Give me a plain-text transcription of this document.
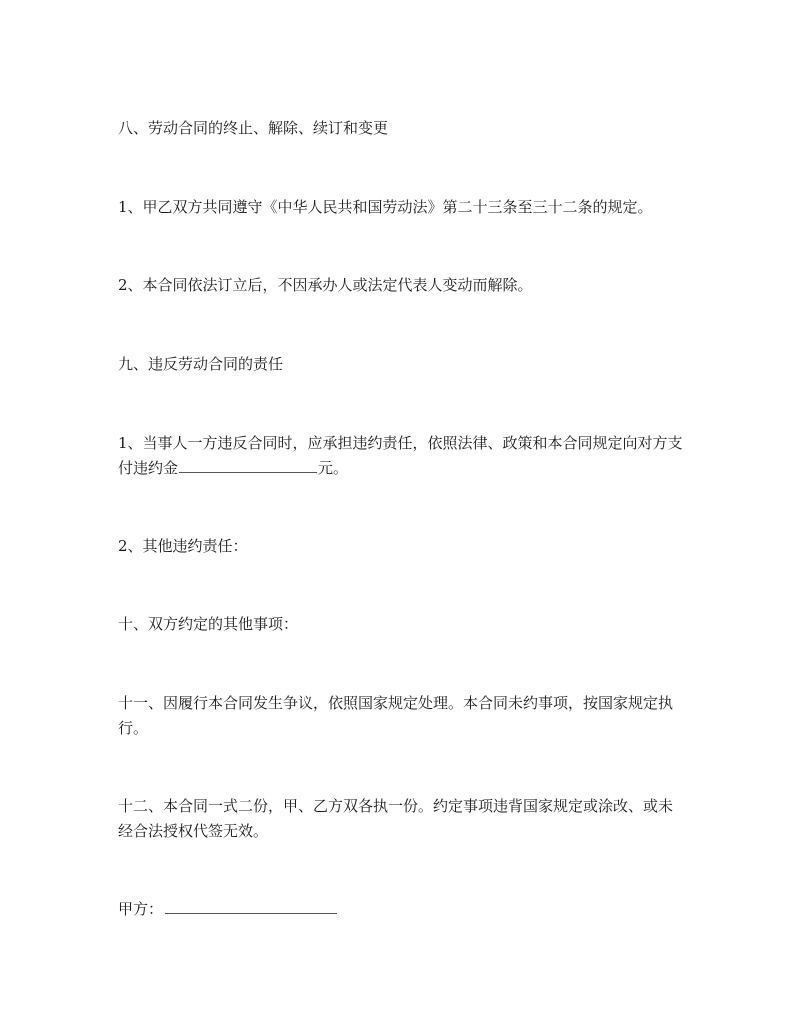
八、劳动合同的终止、解除、续订和变更

1、甲乙双方共同遵守《中华人民共和国劳动法》第二十三条至三十二条的规定。

2、本合同依法订立后，不因承办人或法定代表人变动而解除。

九、违反劳动合同的责任

1、当事人一方违反合同时，应承担违约责任，依照法律、政策和本合同规定向对方支付违约金	元。

2、其他违约责任：

十、双方约定的其他事项：

十一、因履行本合同发生争议，依照国家规定处理。本合同未约事项，按国家规定执行。

十二、本合同一式二份，甲、乙方双各执一份。约定事项违背国家规定或涂改、或未经合法授权代签无效。

甲方：
